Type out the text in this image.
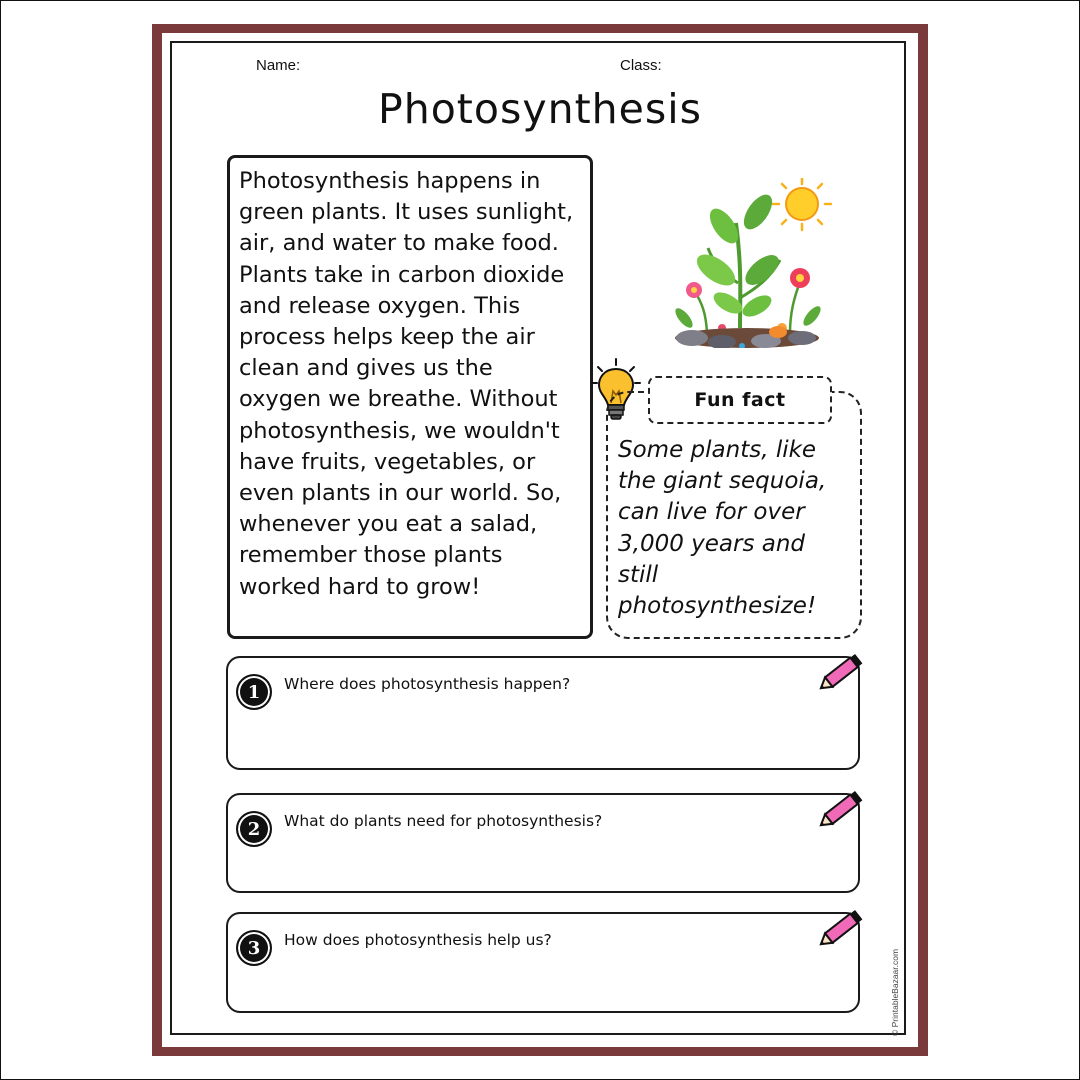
Name:	Class:
Photosynthesis
Photosynthesis happens in
green plants. It uses sunlight,
air, and water to make food.
Plants take in carbon dioxide
and release oxygen. This
process helps keep the air
clean and gives us the
oxygen we breathe. Without
photosynthesis, we wouldn't
have fruits, vegetables, or
even plants in our world. So,
whenever you eat a salad,
remember those plants
worked hard to grow!
Fun fact
Some plants, like
the giant sequoia,
can live for over
3,000 years and
still
photosynthesize!
1	Where does photosynthesis happen?
2	What do plants need for photosynthesis?
3	How does photosynthesis help us?
© PrintableBazaar.com
